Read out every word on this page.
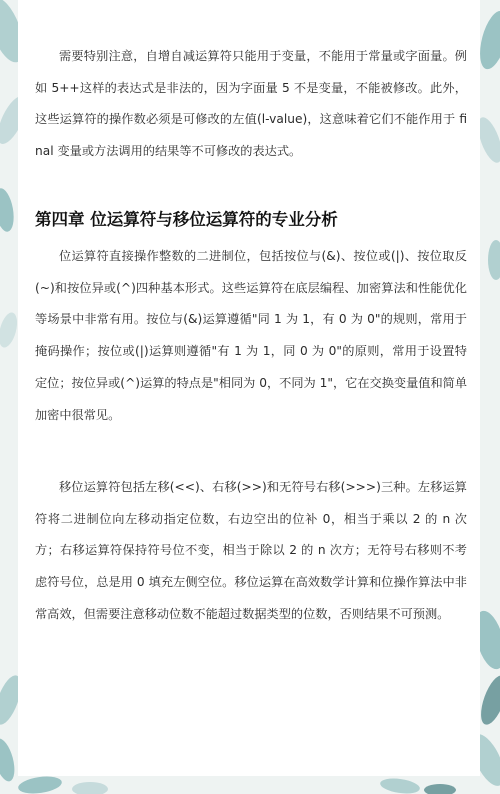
需要特别注意，自增自减运算符只能用于变量，不能用于常量或字面量。例如 5++这样的表达式是非法的，因为字面量 5 不是变量，不能被修改。此外，这些运算符的操作数必须是可修改的左值(l-value)，这意味着它们不能作用于 final 变量或方法调用的结果等不可修改的表达式。

第四章 位运算符与移位运算符的专业分析

位运算符直接操作整数的二进制位，包括按位与(&)、按位或(|)、按位取反(~)和按位异或(^)四种基本形式。这些运算符在底层编程、加密算法和性能优化等场景中非常有用。按位与(&)运算遵循"同 1 为 1，有 0 为 0"的规则，常用于掩码操作；按位或(|)运算则遵循"有 1 为 1，同 0 为 0"的原则，常用于设置特定位；按位异或(^)运算的特点是"相同为 0，不同为 1"，它在交换变量值和简单加密中很常见。

移位运算符包括左移(<<)、右移(>>)和无符号右移(>>>)三种。左移运算符将二进制位向左移动指定位数，右边空出的位补 0，相当于乘以 2 的 n 次方；右移运算符保持符号位不变，相当于除以 2 的 n 次方；无符号右移则不考虑符号位，总是用 0 填充左侧空位。移位运算在高效数学计算和位操作算法中非常高效，但需要注意移动位数不能超过数据类型的位数，否则结果不可预测。
